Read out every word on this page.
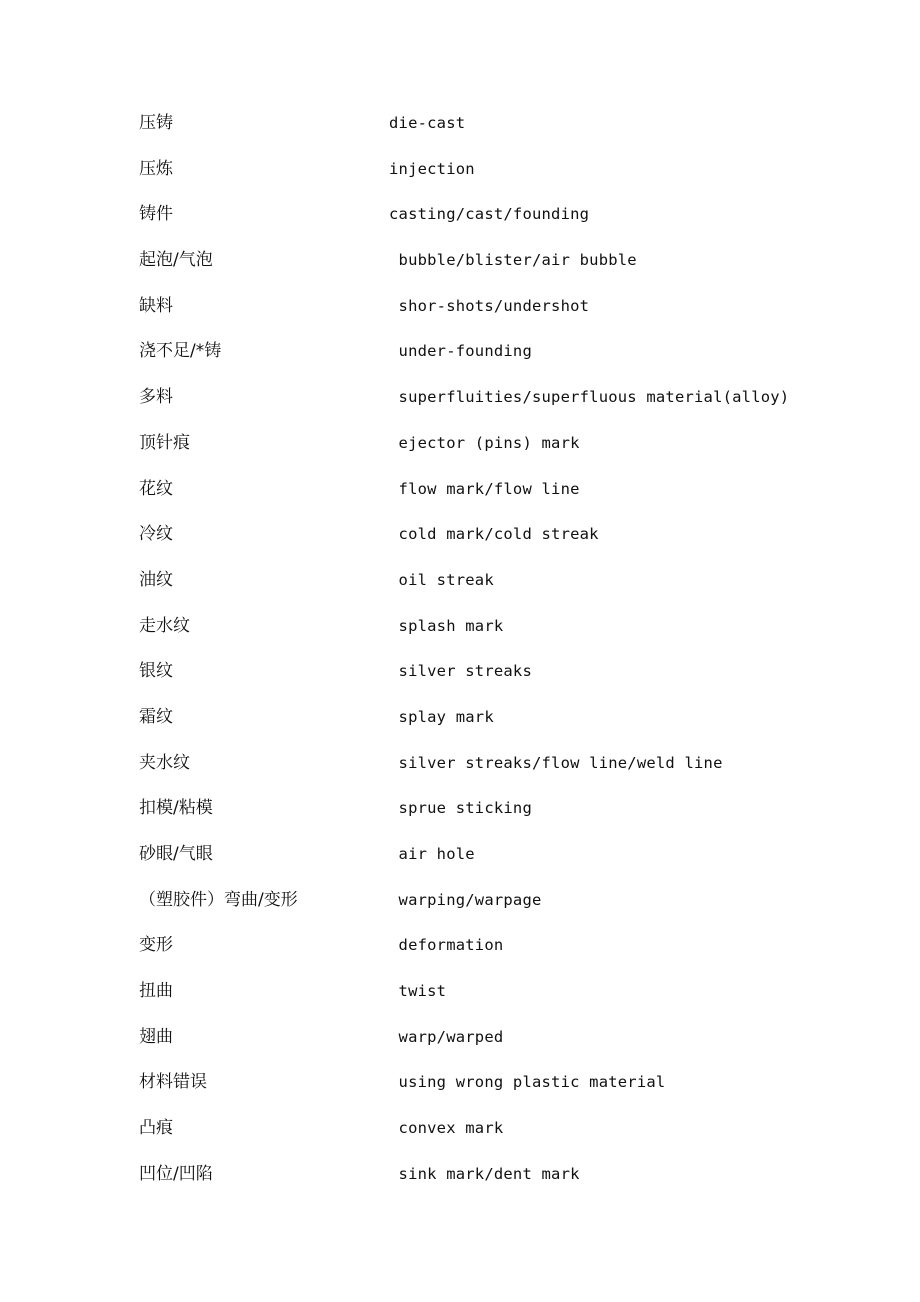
压铸	die-cast
压炼	injection
铸件	casting/cast/founding
起泡/气泡	bubble/blister/air bubble
缺料	shor-shots/undershot
浇不足/*铸	under-founding
多料	superfluities/superfluous material(alloy)
顶针痕	ejector (pins) mark
花纹	flow mark/flow line
冷纹	cold mark/cold streak
油纹	oil streak
走水纹	splash mark
银纹	silver streaks
霜纹	splay mark
夹水纹	silver streaks/flow line/weld line
扣模/粘模	sprue sticking
砂眼/气眼	air hole
（塑胶件）弯曲/变形	warping/warpage
变形	deformation
扭曲	twist
翅曲	warp/warped
材料错误	using wrong plastic material
凸痕	convex mark
凹位/凹陷	sink mark/dent mark
